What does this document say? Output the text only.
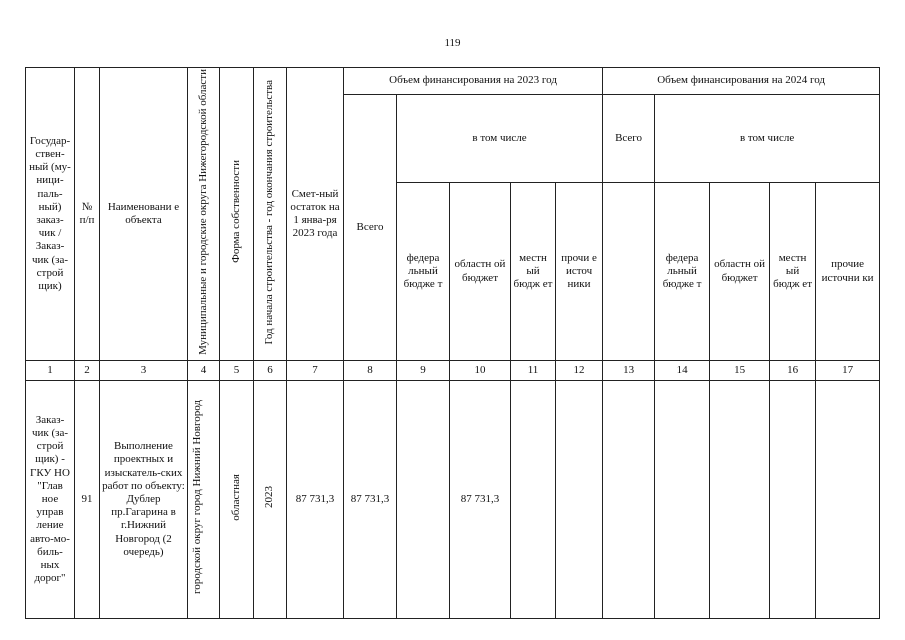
119
Государ-ствен-ный (му-ници-паль-ный) заказ-чик / Заказ-чик (за-строй щик)	№ п/п	Наименовани е объекта	Муниципальные и городские округа Нижегородской области	Форма собственности	Год начала строительства - год окончания строительства	Смет-ный остаток на 1 янва-ря 2023 года	Объем финансирования на 2023 год					Объем финансирования на 2024 год				
							Всего	в том числе				Всего	в том числе			
								федера льный бюдже т	областн ой бюджет	местн ый бюдж ет	прочи е источ ники		федера льный бюдже т	областн ой бюджет	местн ый бюдж ет	прочие источни ки
1	2	3	4	5	6	7	8	9	10	11	12	13	14	15	16	17
Заказ-чик (за-строй щик) - ГКУ НО "Глав ное управ ление авто-мо-биль-ных дорог"	91	Выполнение проектных и изыскатель-ских работ по объекту: Дублер пр.Гагарина в г.Нижний Новгород (2 очередь)	городской округ город Нижний Новгород	областная	2023	87 731,3	87 731,3		87 731,3							
